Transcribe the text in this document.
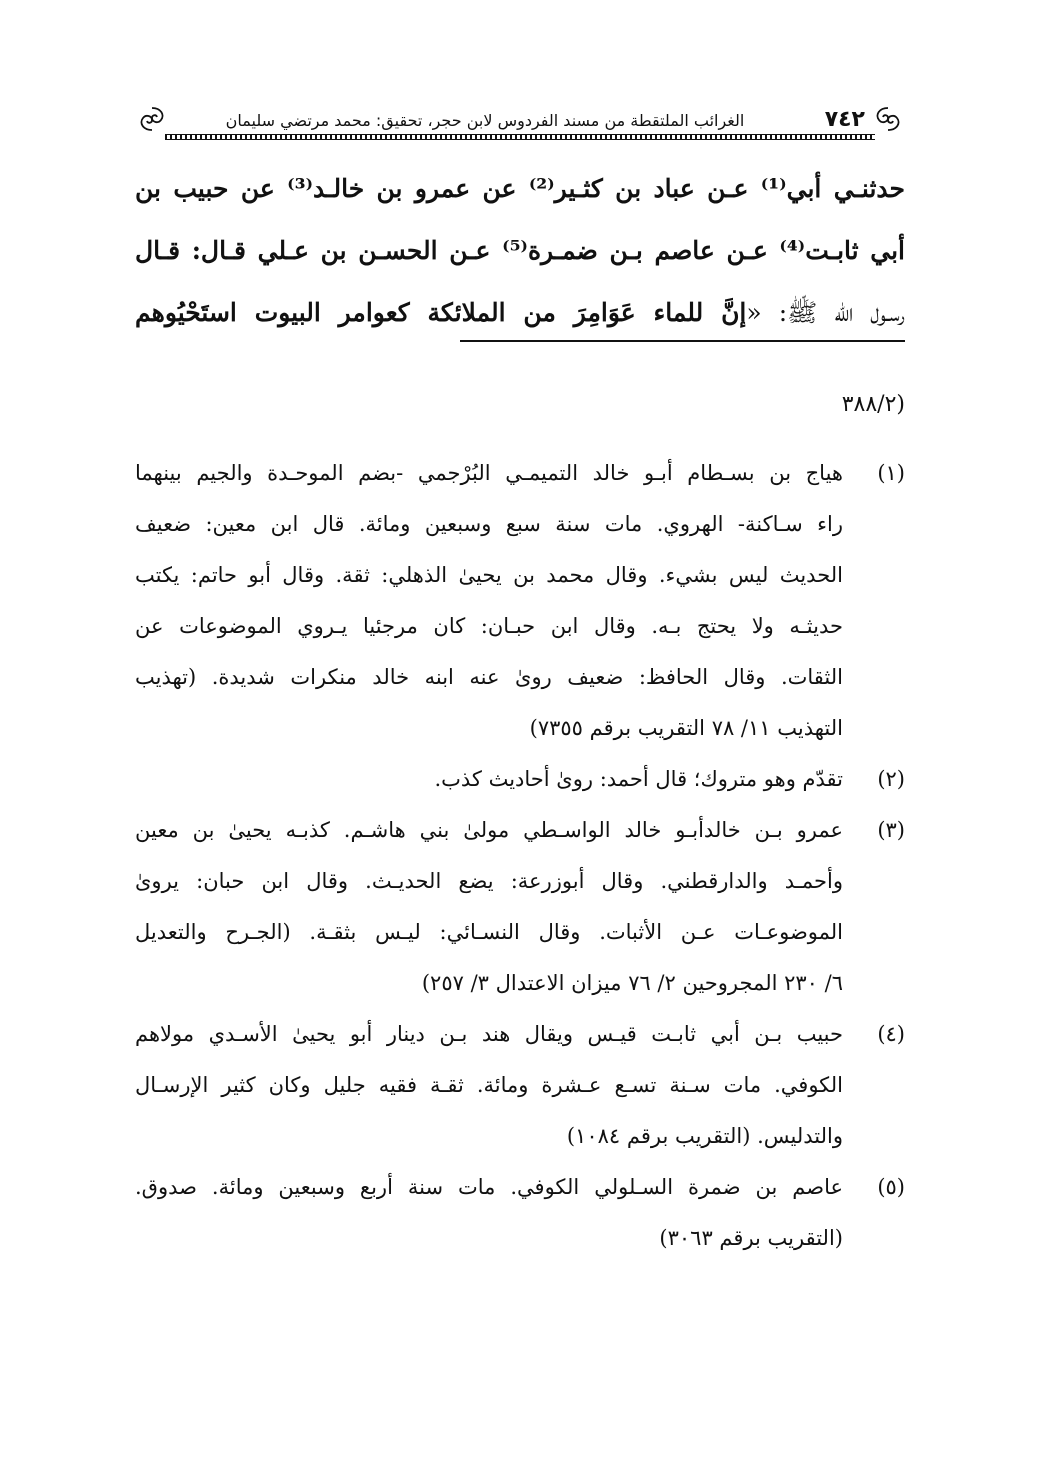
٧٤٢
الغرائب الملتقطة من مسند الفردوس لابن حجر، تحقيق: محمد مرتضي سليمان
حدثنـي أبي⁽¹⁾ عـن عباد بن كثـير⁽²⁾ عن عمرو بن خالـد⁽³⁾ عن حبيب بن
أبي ثابـت⁽⁴⁾ عـن عاصم بـن ضمـرة⁽⁵⁾ عـن الحسـن بن عـلي قـال: قـال
رسـول الله ﷺ: «إنَّ للماء عَوَامِرَ من الملائكة كعوامر البيوت استَحْيُوهم
(٣٨٨/٢
(١)
هياج بن بسـطام أبـو خالد التميمـي البُرْجمي -بضم الموحـدة والجيم بينهما
راء سـاكنة- الهروي. مات سنة سبع وسبعين ومائة. قال ابن معين: ضعيف
الحديث ليس بشيء. وقال محمد بن يحيىٰ الذهلي: ثقة. وقال أبو حاتم: يكتب
حديثـه ولا يحتج بـه. وقال ابن حبـان: كان مرجئيا يـروي الموضوعات عن
الثقات. وقال الحافظ: ضعيف روىٰ عنه ابنه خالد منكرات شديدة. (تهذيب
التهذيب ١١/ ٧٨ التقريب برقم ٧٣٥٥)
(٢)
تقدّم وهو متروك؛ قال أحمد: روىٰ أحاديث كذب.
(٣)
عمرو بـن خالدأبـو خالد الواسـطي مولىٰ بني هاشـم. كذبـه يحيىٰ بن معين
وأحمـد والدارقطني. وقال أبوزرعة: يضع الحديـث. وقال ابن حبان: يروىٰ
الموضوعـات عـن الأثبات. وقال النسـائي: ليـس بثقـة. (الجـرح والتعديل
٦/ ٢٣٠ المجروحين ٢/ ٧٦ ميزان الاعتدال ٣/ ٢٥٧)
(٤)
حبيب بـن أبي ثابـت قيـس ويقال هند بـن دينار أبو يحيىٰ الأسـدي مولاهم
الكوفي. مات سـنة تسـع عـشرة ومائة. ثقـة فقيه جليل وكان كثير الإرسـال
والتدليس. (التقريب برقم ١٠٨٤)
(٥)
عاصم بن ضمرة السـلولي الكوفي. مات سنة أربع وسبعين ومائة. صدوق.
(التقريب برقم ٣٠٦٣)
